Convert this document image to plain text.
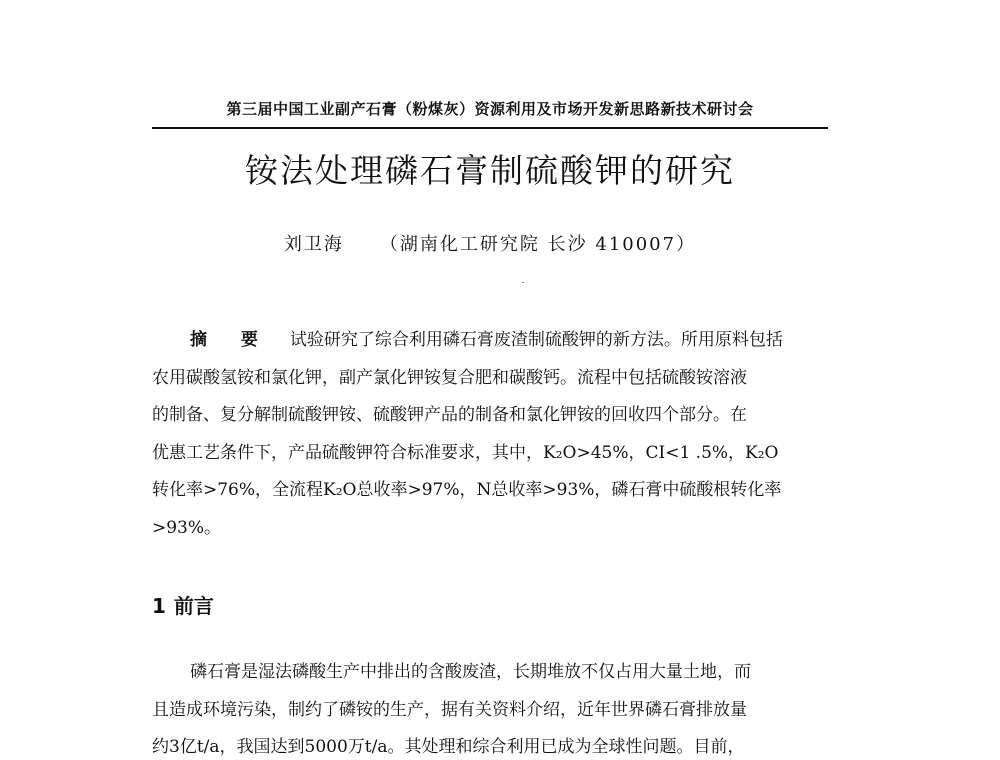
第三届中国工业副产石膏（粉煤灰）资源利用及市场开发新思路新技术研讨会
铵法处理磷石膏制硫酸钾的研究
刘卫海 （湖南化工研究院 长沙 410007）
摘 要 试验研究了综合利用磷石膏废渣制硫酸钾的新方法。所用原料包括
农用碳酸氢铵和氯化钾，副产氯化钾铵复合肥和碳酸钙。流程中包括硫酸铵溶液
的制备、复分解制硫酸钾铵、硫酸钾产品的制备和氯化钾铵的回收四个部分。在
优惠工艺条件下，产品硫酸钾符合标准要求，其中，K₂O>45%，CI<1 .5%，K₂O
转化率>76%，全流程K₂O总收率>97%，N总收率>93%，磷石膏中硫酸根转化率
>93%。
1 前言
磷石膏是湿法磷酸生产中排出的含酸废渣，长期堆放不仅占用大量土地，而
且造成环境污染，制约了磷铵的生产，据有关资料介绍，近年世界磷石膏排放量
约3亿t/a，我国达到5000万t/a。其处理和综合利用已成为全球性问题。目前，
